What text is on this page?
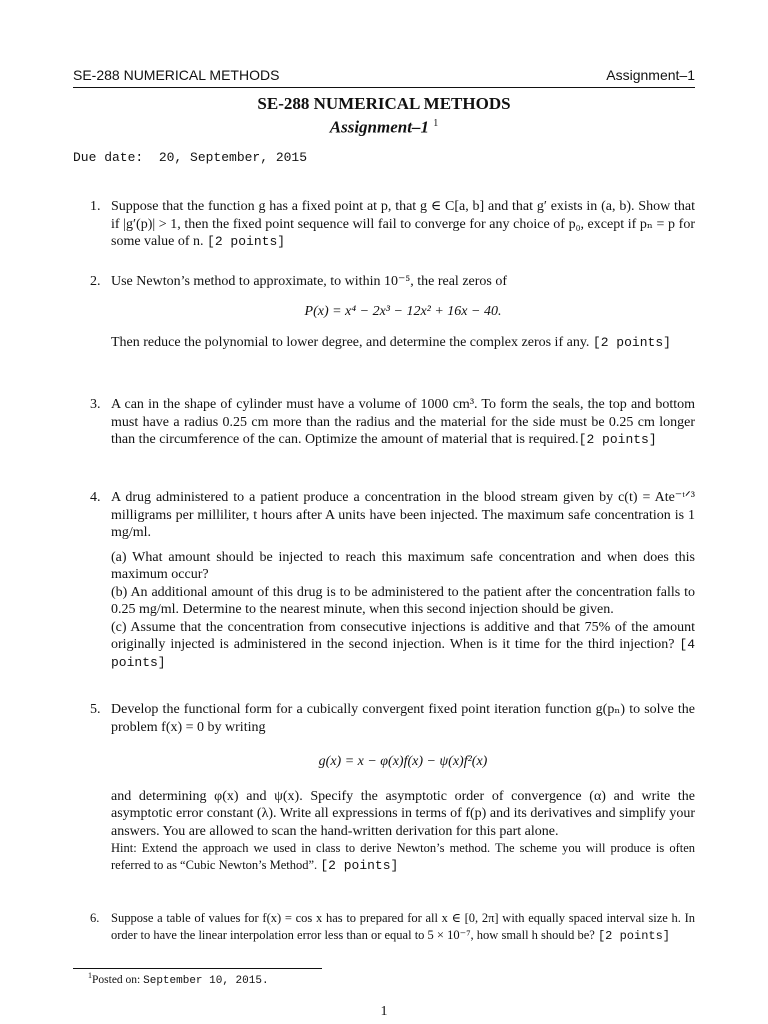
SE-288 NUMERICAL METHODS	Assignment–1
SE-288 NUMERICAL METHODS
Assignment–1 $^1$
Due date:  20, September, 2015
1. Suppose that the function g has a fixed point at p, that g ∈ C[a, b] and that g′ exists in (a, b). Show that if |g′(p)| > 1, then the fixed point sequence will fail to converge for any choice of p₀, except if pₙ = p for some value of n. [2 points]

2. Use Newton’s method to approximate, to within 10⁻⁵, the real zeros of

P(x) = x⁴ − 2x³ − 12x² + 16x − 40.

Then reduce the polynomial to lower degree, and determine the complex zeros if any. [2 points]

3. A can in the shape of cylinder must have a volume of 1000 cm³. To form the seals, the top and bottom must have a radius 0.25 cm more than the radius and the material for the side must be 0.25 cm longer than the circumference of the can. Optimize the amount of material that is required.[2 points]

4. A drug administered to a patient produce a concentration in the blood stream given by c(t) = Ate⁻ᵗᐟ³ milligrams per milliliter, t hours after A units have been injected. The maximum safe concentration is 1 mg/ml.

(a) What amount should be injected to reach this maximum safe concentration and when does this maximum occur?

(b) An additional amount of this drug is to be administered to the patient after the concentration falls to 0.25 mg/ml. Determine to the nearest minute, when this second injection should be given.

(c) Assume that the concentration from consecutive injections is additive and that 75% of the amount originally injected is administered in the second injection. When is it time for the third injection? [4 points]

5. Develop the functional form for a cubically convergent fixed point iteration function g(pₙ) to solve the problem f(x) = 0 by writing

g(x) = x − φ(x)f(x) − ψ(x)f²(x)

and determining φ(x) and ψ(x). Specify the asymptotic order of convergence (α) and write the asymptotic error constant (λ). Write all expressions in terms of f(p) and its derivatives and simplify your answers. You are allowed to scan the hand-written derivation for this part alone.

Hint: Extend the approach we used in class to derive Newton’s method. The scheme you will produce is often referred to as “Cubic Newton’s Method”. [2 points]

6. Suppose a table of values for f(x) = cos x has to prepared for all x ∈ [0, 2π] with equally spaced interval size h. In order to have the linear interpolation error less than or equal to 5 × 10⁻⁷, how small h should be? [2 points]

$^1$Posted on: September 10, 2015.
1
